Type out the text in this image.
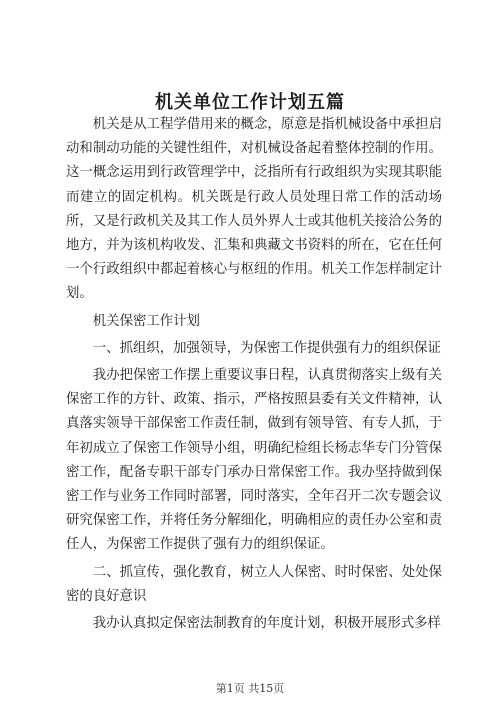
机关单位工作计划五篇

机关是从工程学借用来的概念，原意是指机械设备中承担启动和制动功能的关键性组件，对机械设备起着整体控制的作用。这一概念运用到行政管理学中，泛指所有行政组织为实现其职能而建立的固定机构。机关既是行政人员处理日常工作的活动场所，又是行政机关及其工作人员外界人士或其他机关接洽公务的地方，并为该机构收发、汇集和典藏文书资料的所在，它在任何一个行政组织中都起着核心与枢纽的作用。机关工作怎样制定计划。

机关保密工作计划

一、抓组织，加强领导，为保密工作提供强有力的组织保证

我办把保密工作摆上重要议事日程，认真贯彻落实上级有关保密工作的方针、政策、指示，严格按照县委有关文件精神，认真落实领导干部保密工作责任制，做到有领导管、有专人抓，于年初成立了保密工作领导小组，明确纪检组长杨志华专门分管保密工作，配备专职干部专门承办日常保密工作。我办坚持做到保密工作与业务工作同时部署，同时落实，全年召开二次专题会议研究保密工作，并将任务分解细化，明确相应的责任办公室和责任人，为保密工作提供了强有力的组织保证。

二、抓宣传，强化教育，树立人人保密、时时保密、处处保密的良好意识

我办认真拟定保密法制教育的年度计划，积极开展形式多样

第1页 共15页
